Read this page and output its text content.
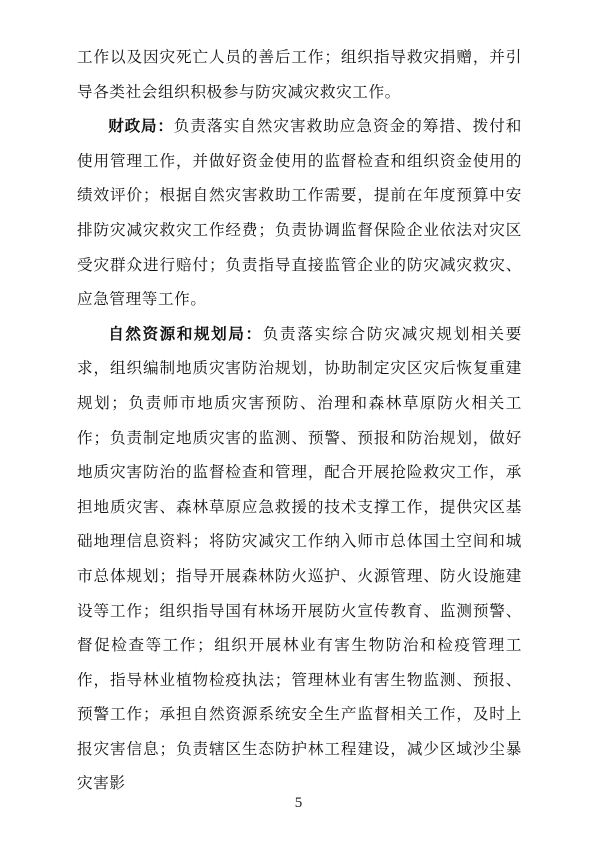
工作以及因灾死亡人员的善后工作；组织指导救灾捐赠，并引导各类社会组织积极参与防灾减灾救灾工作。

财政局：负责落实自然灾害救助应急资金的筹措、拨付和使用管理工作，并做好资金使用的监督检查和组织资金使用的绩效评价；根据自然灾害救助工作需要，提前在年度预算中安排防灾减灾救灾工作经费；负责协调监督保险企业依法对灾区受灾群众进行赔付；负责指导直接监管企业的防灾减灾救灾、应急管理等工作。

自然资源和规划局：负责落实综合防灾减灾规划相关要求，组织编制地质灾害防治规划，协助制定灾区灾后恢复重建规划；负责师市地质灾害预防、治理和森林草原防火相关工作；负责制定地质灾害的监测、预警、预报和防治规划，做好地质灾害防治的监督检查和管理，配合开展抢险救灾工作，承担地质灾害、森林草原应急救援的技术支撑工作，提供灾区基础地理信息资料；将防灾减灾工作纳入师市总体国土空间和城市总体规划；指导开展森林防火巡护、火源管理、防火设施建设等工作；组织指导国有林场开展防火宣传教育、监测预警、督促检查等工作；组织开展林业有害生物防治和检疫管理工作，指导林业植物检疫执法；管理林业有害生物监测、预报、预警工作；承担自然资源系统安全生产监督相关工作，及时上报灾害信息；负责辖区生态防护林工程建设，减少区域沙尘暴灾害影

5
